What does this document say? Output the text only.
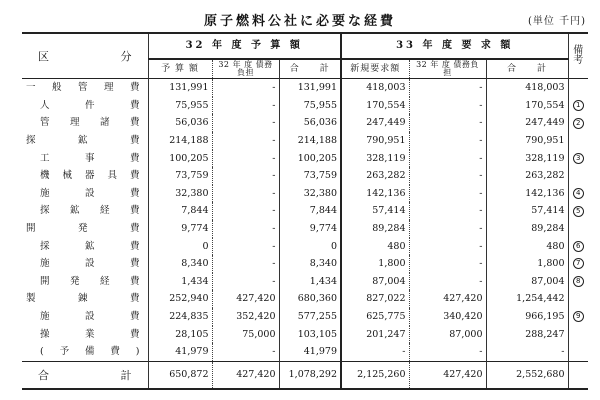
原子燃料公社に必要な経費	(単位 千円)
区　　　分	32 年 度 予 算 額			33 年 度 要 求 額			備考
	予 算 額	32 年 度 債務負担	合　　計	新規要求額	32 年 度 債務負担	合　　計	
一般管理費	131,991	-	131,991	418,003	-	418,003	
人件費	75,955	-	75,955	170,554	-	170,554	1
管理諸費	56,036	-	56,036	247,449	-	247,449	2
探鉱費	214,188	-	214,188	790,951	-	790,951	
工事費	100,205	-	100,205	328,119	-	328,119	3
機械器具費	73,759	-	73,759	263,282	-	263,282	
施設費	32,380	-	32,380	142,136	-	142,136	4
探鉱経費	7,844	-	7,844	57,414	-	57,414	5
開発費	9,774	-	9,774	89,284	-	89,284	
採鉱費	0	-	0	480	-	480	6
施設費	8,340	-	8,340	1,800	-	1,800	7
開発経費	1,434	-	1,434	87,004	-	87,004	8
製錬費	252,940	427,420	680,360	827,022	427,420	1,254,442	
施設費	224,835	352,420	577,255	625,775	340,420	966,195	9
操業費	28,105	75,000	103,105	201,247	87,000	288,247	
(予備費)	41,979	-	41,979	-	-	-	
合　　　　計	650,872	427,420	1,078,292	2,125,260	427,420	2,552,680	
